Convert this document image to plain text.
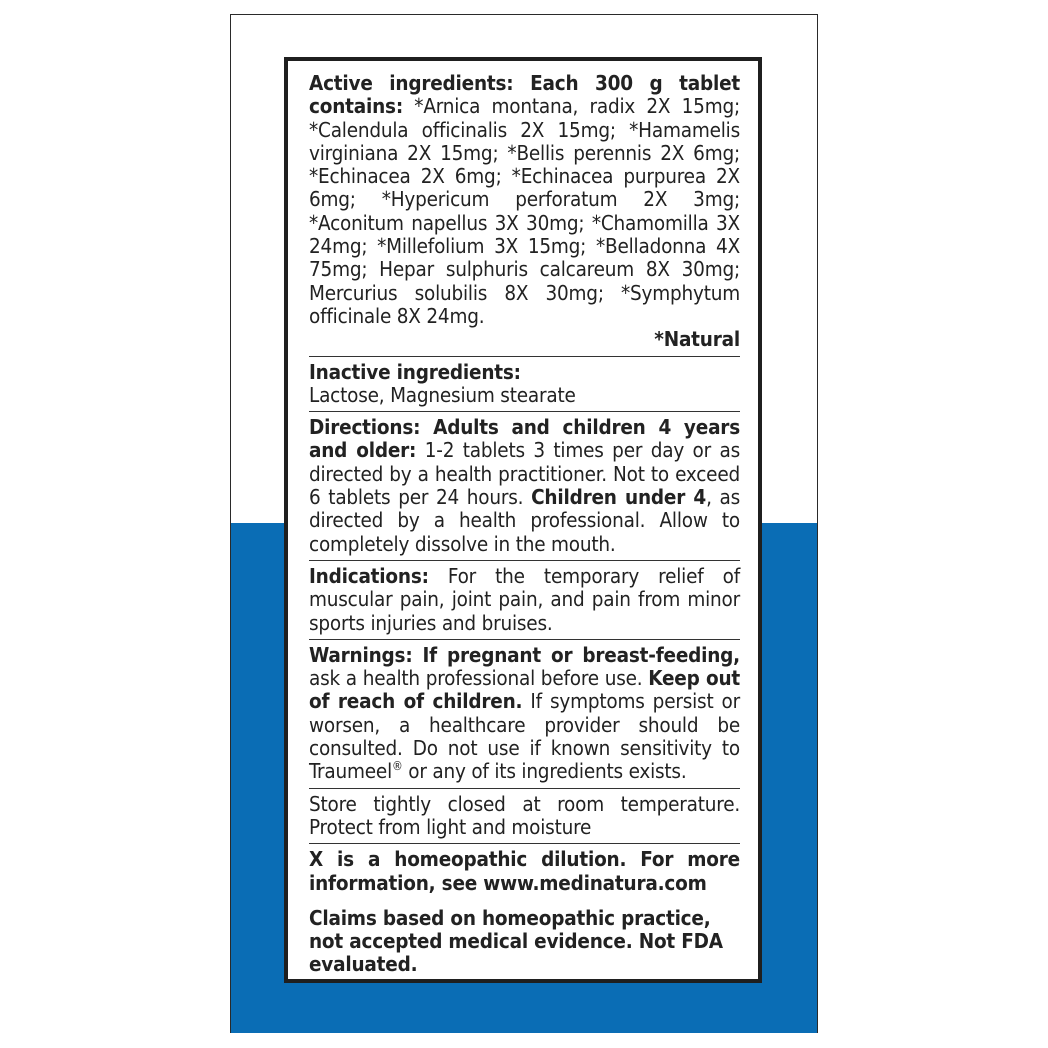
Active ingredients: Each 300 g tablet contains: *Arnica montana, radix 2X 15mg; *Calendula officinalis 2X 15mg; *Hamamelis virginiana 2X 15mg; *Bellis perennis 2X 6mg; *Echinacea 2X 6mg; *Echinacea purpurea 2X 6mg; *Hypericum perforatum 2X 3mg; *Aconitum napellus 3X 30mg; *Chamomilla 3X 24mg; *Millefolium 3X 15mg; *Belladonna 4X 75mg; Hepar sulphuris calcareum 8X 30mg; Mercurius solubilis 8X 30mg; *Symphytum officinale 8X 24mg.
*Natural
Inactive ingredients:
Lactose, Magnesium stearate
Directions: Adults and children 4 years and older: 1-2 tablets 3 times per day or as directed by a health practitioner. Not to exceed 6 tablets per 24 hours. Children under 4, as directed by a health professional. Allow to completely dissolve in the mouth.
Indications: For the temporary relief of muscular pain, joint pain, and pain from minor sports injuries and bruises.
Warnings: If pregnant or breast-feeding, ask a health professional before use. Keep out of reach of children. If symptoms persist or worsen, a healthcare provider should be consulted. Do not use if known sensitivity to Traumeel® or any of its ingredients exists.
Store tightly closed at room temperature. Protect from light and moisture
X is a homeopathic dilution. For more information, see www.medinatura.com
Claims based on homeopathic practice, not accepted medical evidence. Not FDA evaluated.
